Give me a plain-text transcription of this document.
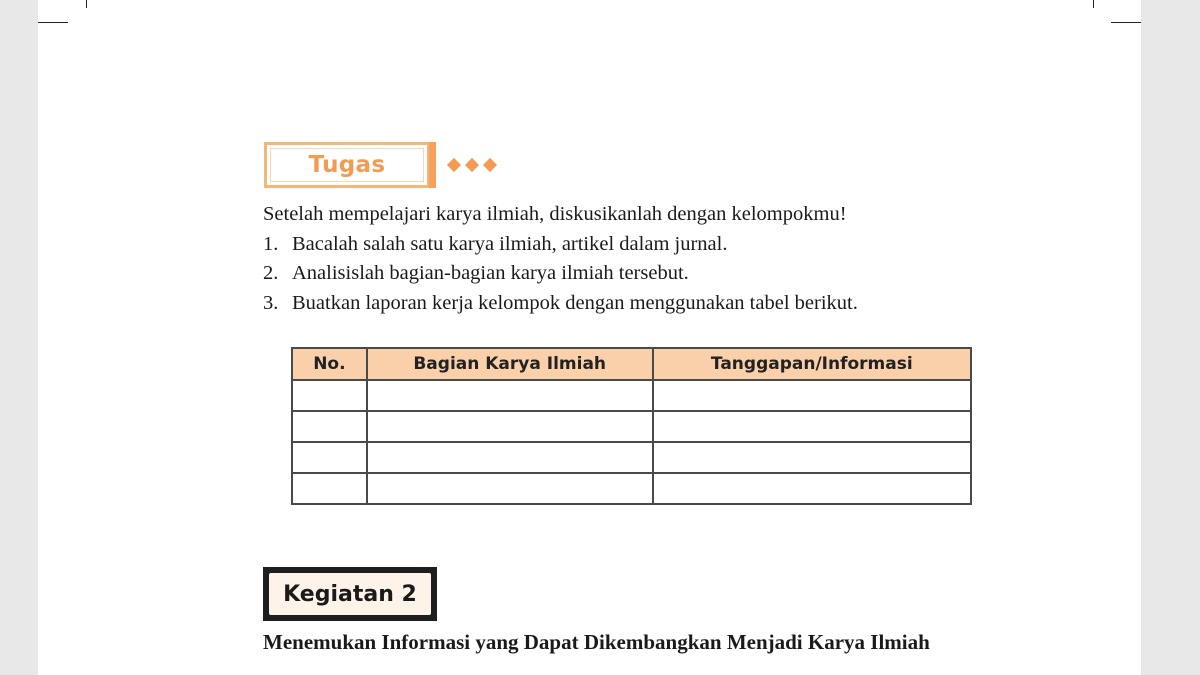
Tugas

Setelah mempelajari karya ilmiah, diskusikanlah dengan kelompokmu!

1. Bacalah salah satu karya ilmiah, artikel dalam jurnal.
2. Analisislah bagian-bagian karya ilmiah tersebut.
3. Buatkan laporan kerja kelompok dengan menggunakan tabel berikut.
No.	Bagian Karya Ilmiah	Tanggapan/Informasi

Kegiatan 2
Menemukan Informasi yang Dapat Dikembangkan Menjadi Karya Ilmiah
